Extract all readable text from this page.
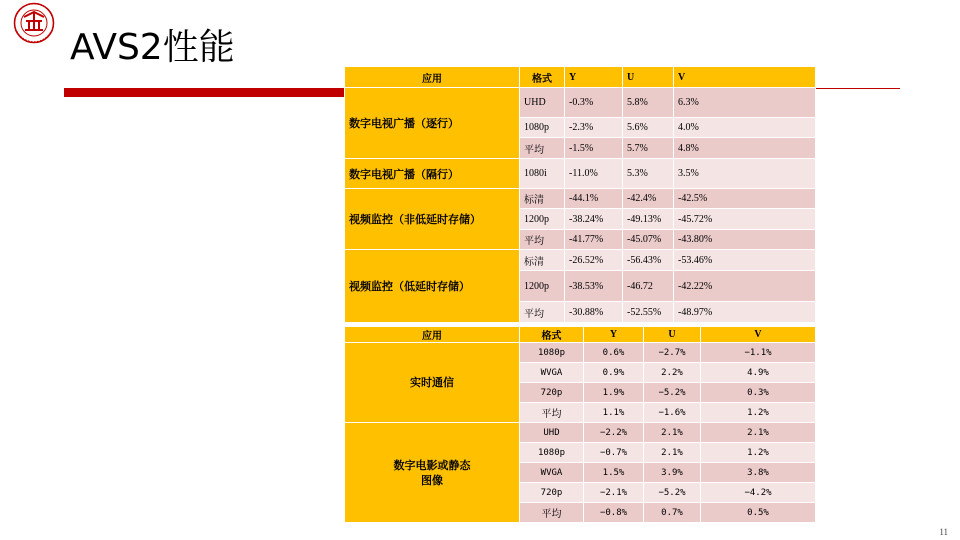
AVS2性能
应用	格式	Y	U	V
数字电视广播（逐行）	UHD	-0.3%	5.8%	6.3%
	1080p	-2.3%	5.6%	4.0%
	平均	-1.5%	5.7%	4.8%
数字电视广播（隔行）	1080i	-11.0%	5.3%	3.5%
视频监控（非低延时存储）	标清	-44.1%	-42.4%	-42.5%
	1200p	-38.24%	-49.13%	-45.72%
	平均	-41.77%	-45.07%	-43.80%
视频监控（低延时存储）	标清	-26.52%	-56.43%	-53.46%
	1200p	-38.53%	-46.72	-42.22%
	平均	-30.88%	-52.55%	-48.97%
应用	格式	Y	U	V
实时通信	1080p	0.6%	−2.7%	−1.1%
	WVGA	0.9%	2.2%	4.9%
	720p	1.9%	−5.2%	0.3%
	平均	1.1%	−1.6%	1.2%
数字电影或静态图像	UHD	−2.2%	2.1%	2.1%
	1080p	−0.7%	2.1%	1.2%
	WVGA	1.5%	3.9%	3.8%
	720p	−2.1%	−5.2%	−4.2%
	平均	−0.8%	0.7%	0.5%
11
